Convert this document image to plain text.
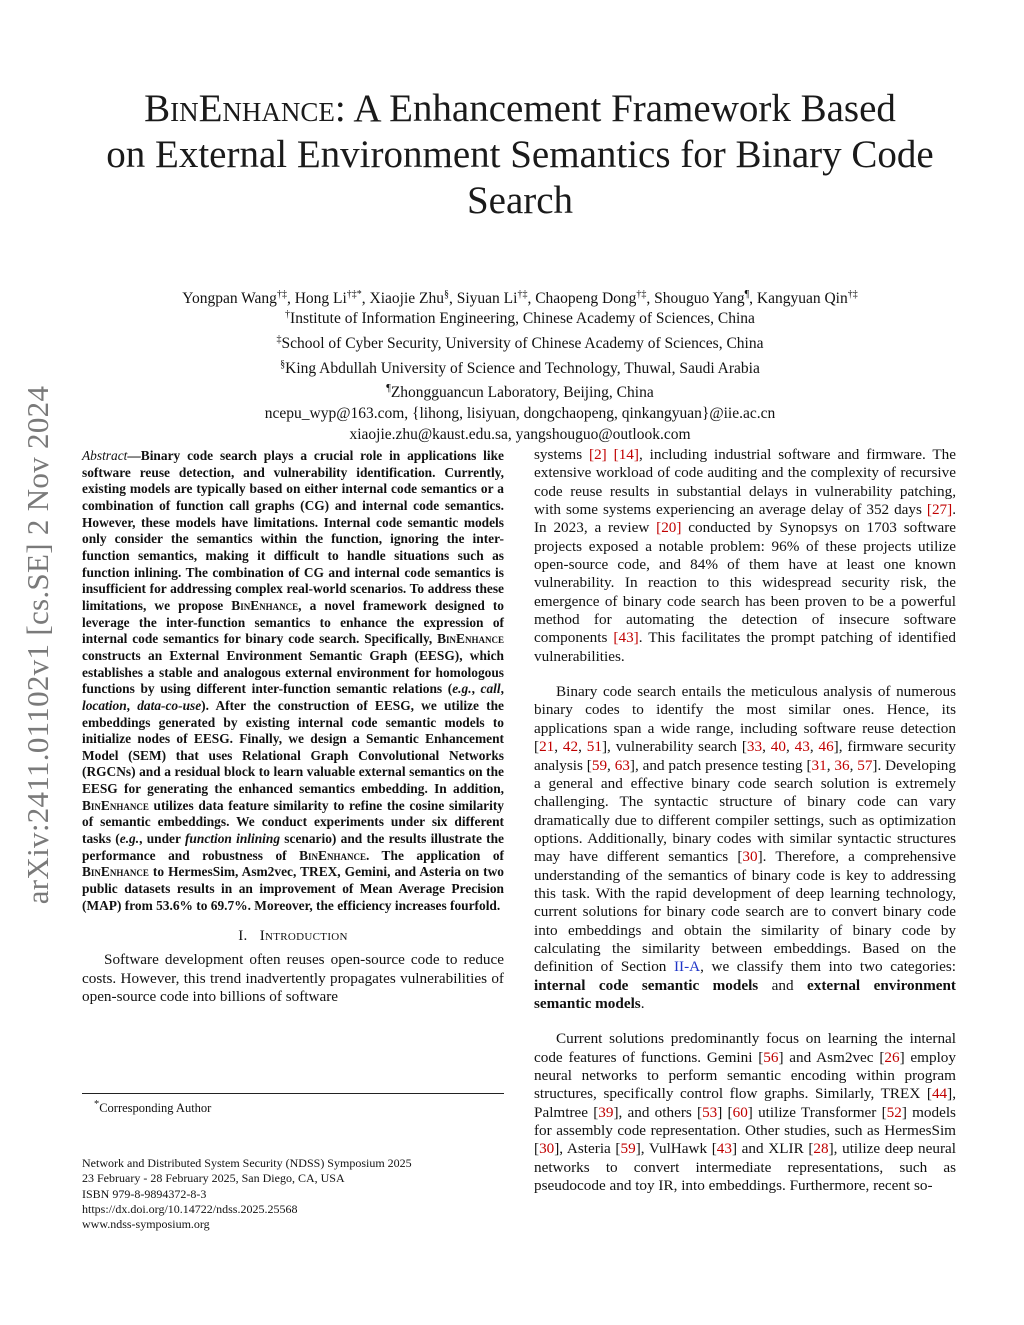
arXiv:2411.01102v1 [cs.SE] 2 Nov 2024
BinEnhance: A Enhancement Framework Based
on External Environment Semantics for Binary Code
Search
Yongpan Wang†‡, Hong Li†‡*, Xiaojie Zhu§, Siyuan Li†‡, Chaopeng Dong†‡, Shouguo Yang¶, Kangyuan Qin†‡
†Institute of Information Engineering, Chinese Academy of Sciences, China
‡School of Cyber Security, University of Chinese Academy of Sciences, China
§King Abdullah University of Science and Technology, Thuwal, Saudi Arabia
¶Zhongguancun Laboratory, Beijing, China
ncepu_wyp@163.com, {lihong, lisiyuan, dongchaopeng, qinkangyuan}@iie.ac.cn
xiaojie.zhu@kaust.edu.sa, yangshouguo@outlook.com
Abstract—Binary code search plays a crucial role in applications like software reuse detection, and vulnerability identification. Currently, existing models are typically based on either internal code semantics or a combination of function call graphs (CG) and internal code semantics. However, these models have limitations. Internal code semantic models only consider the semantics within the function, ignoring the inter-function semantics, making it difficult to handle situations such as function inlining. The combination of CG and internal code semantics is insufficient for addressing complex real-world scenarios. To address these limitations, we propose BinEnhance, a novel framework designed to leverage the inter-function semantics to enhance the expression of internal code semantics for binary code search. Specifically, BinEnhance constructs an External Environment Semantic Graph (EESG), which establishes a stable and analogous external environment for homologous functions by using different inter-function semantic relations (e.g., call, location, data-co-use). After the construction of EESG, we utilize the embeddings generated by existing internal code semantic models to initialize nodes of EESG. Finally, we design a Semantic Enhancement Model (SEM) that uses Relational Graph Convolutional Networks (RGCNs) and a residual block to learn valuable external semantics on the EESG for generating the enhanced semantics embedding. In addition, BinEnhance utilizes data feature similarity to refine the cosine similarity of semantic embeddings. We conduct experiments under six different tasks (e.g., under function inlining scenario) and the results illustrate the performance and robustness of BinEnhance. The application of BinEnhance to HermesSim, Asm2vec, TREX, Gemini, and Asteria on two public datasets results in an improvement of Mean Average Precision (MAP) from 53.6% to 69.7%. Moreover, the efficiency increases fourfold.
I. Introduction

Software development often reuses open-source code to reduce costs. However, this trend inadvertently propagates vulnerabilities of open-source code into billions of software

*Corresponding Author
Network and Distributed System Security (NDSS) Symposium 2025
23 February - 28 February 2025, San Diego, CA, USA
ISBN 979-8-9894372-8-3
https://dx.doi.org/10.14722/ndss.2025.25568
www.ndss-symposium.org

systems [2] [14], including industrial software and firmware. The extensive workload of code auditing and the complexity of recursive code reuse results in substantial delays in vulnerability patching, with some systems experiencing an average delay of 352 days [27]. In 2023, a review [20] conducted by Synopsys on 1703 software projects exposed a notable problem: 96% of these projects utilize open-source code, and 84% of them have at least one known vulnerability. In reaction to this widespread security risk, the emergence of binary code search has been proven to be a powerful method for automating the detection of insecure software components [43]. This facilitates the prompt patching of identified vulnerabilities.

Binary code search entails the meticulous analysis of numerous binary codes to identify the most similar ones. Hence, its applications span a wide range, including software reuse detection [21, 42, 51], vulnerability search [33, 40, 43, 46], firmware security analysis [59, 63], and patch presence testing [31, 36, 57]. Developing a general and effective binary code search solution is extremely challenging. The syntactic structure of binary code can vary dramatically due to different compiler settings, such as optimization options. Additionally, binary codes with similar syntactic structures may have different semantics [30]. Therefore, a comprehensive understanding of the semantics of binary code is key to addressing this task. With the rapid development of deep learning technology, current solutions for binary code search are to convert binary code into embeddings and obtain the similarity of binary code by calculating the similarity between embeddings. Based on the definition of Section II-A, we classify them into two categories: internal code semantic models and external environment semantic models.

Current solutions predominantly focus on learning the internal code features of functions. Gemini [56] and Asm2vec [26] employ neural networks to perform semantic encoding within program structures, specifically control flow graphs. Similarly, TREX [44], Palmtree [39], and others [53] [60] utilize Transformer [52] models for assembly code representation. Other studies, such as HermesSim [30], Asteria [59], VulHawk [43] and XLIR [28], utilize deep neural networks to convert intermediate representations, such as pseudocode and toy IR, into embeddings. Furthermore, recent so-
